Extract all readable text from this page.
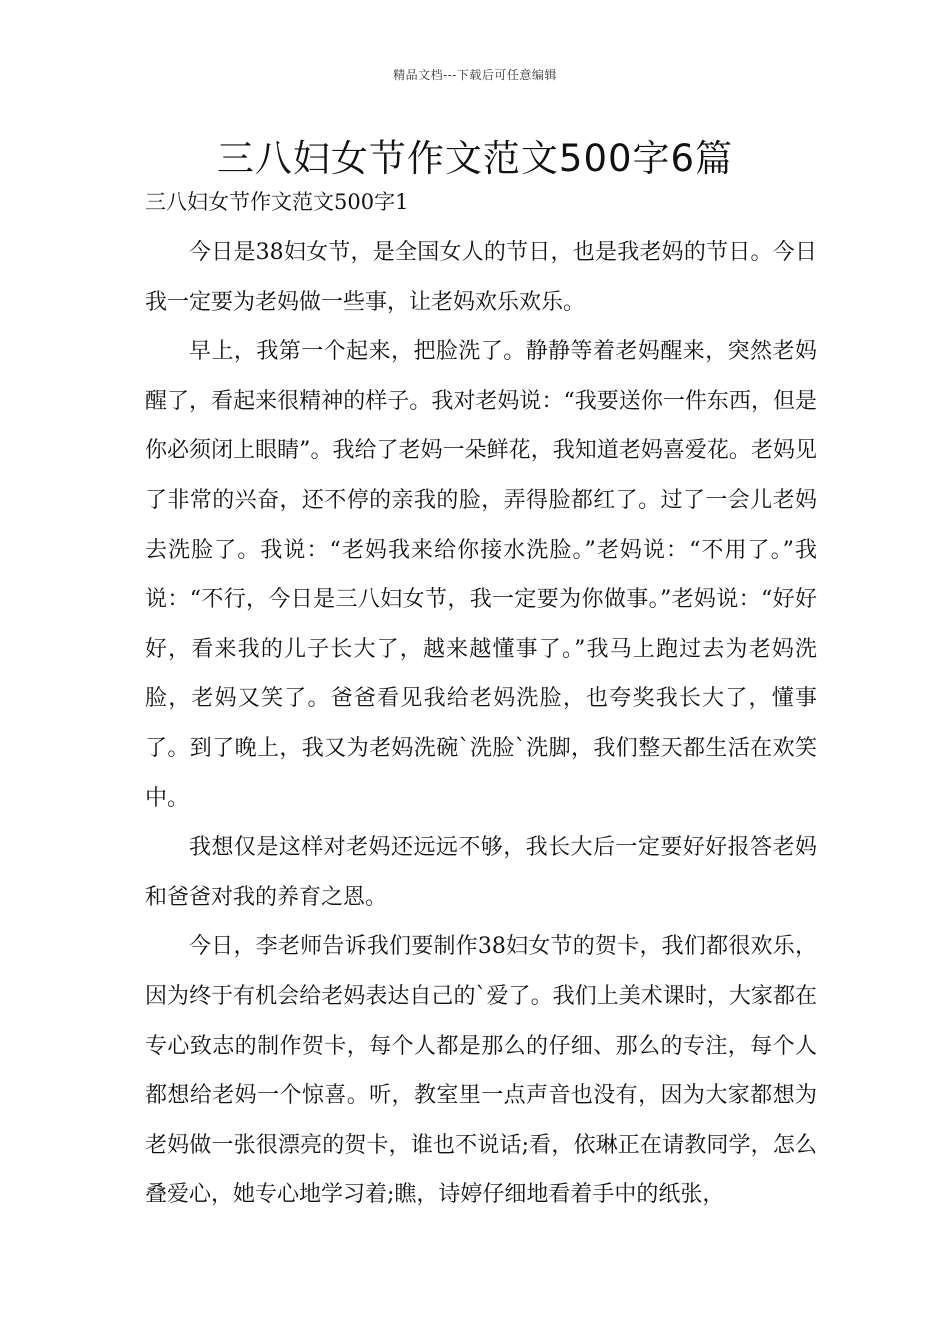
精品文档---下载后可任意编辑
三八妇女节作文范文500字6篇
三八妇女节作文范文500字1

今日是38妇女节，是全国女人的节日，也是我老妈的节日。今日我一定要为老妈做一些事，让老妈欢乐欢乐。

早上，我第一个起来，把脸洗了。静静等着老妈醒来，突然老妈醒了，看起来很精神的样子。我对老妈说：“我要送你一件东西，但是你必须闭上眼睛”。我给了老妈一朵鲜花，我知道老妈喜爱花。老妈见了非常的兴奋，还不停的亲我的脸，弄得脸都红了。过了一会儿老妈去洗脸了。我说：“老妈我来给你接水洗脸。”老妈说：“不用了。”我说：“不行，今日是三八妇女节，我一定要为你做事。”老妈说：“好好好，看来我的儿子长大了，越来越懂事了。”我马上跑过去为老妈洗脸，老妈又笑了。爸爸看见我给老妈洗脸，也夸奖我长大了，懂事了。到了晚上，我又为老妈洗碗`洗脸`洗脚，我们整天都生活在欢笑中。

我想仅是这样对老妈还远远不够，我长大后一定要好好报答老妈和爸爸对我的养育之恩。

今日，李老师告诉我们要制作38妇女节的贺卡，我们都很欢乐，因为终于有机会给老妈表达自己的`爱了。我们上美术课时，大家都在专心致志的制作贺卡，每个人都是那么的仔细、那么的专注，每个人都想给老妈一个惊喜。听，教室里一点声音也没有，因为大家都想为老妈做一张很漂亮的贺卡，谁也不说话;看，依琳正在请教同学，怎么叠爱心，她专心地学习着;瞧，诗婷仔细地看着手中的纸张，
